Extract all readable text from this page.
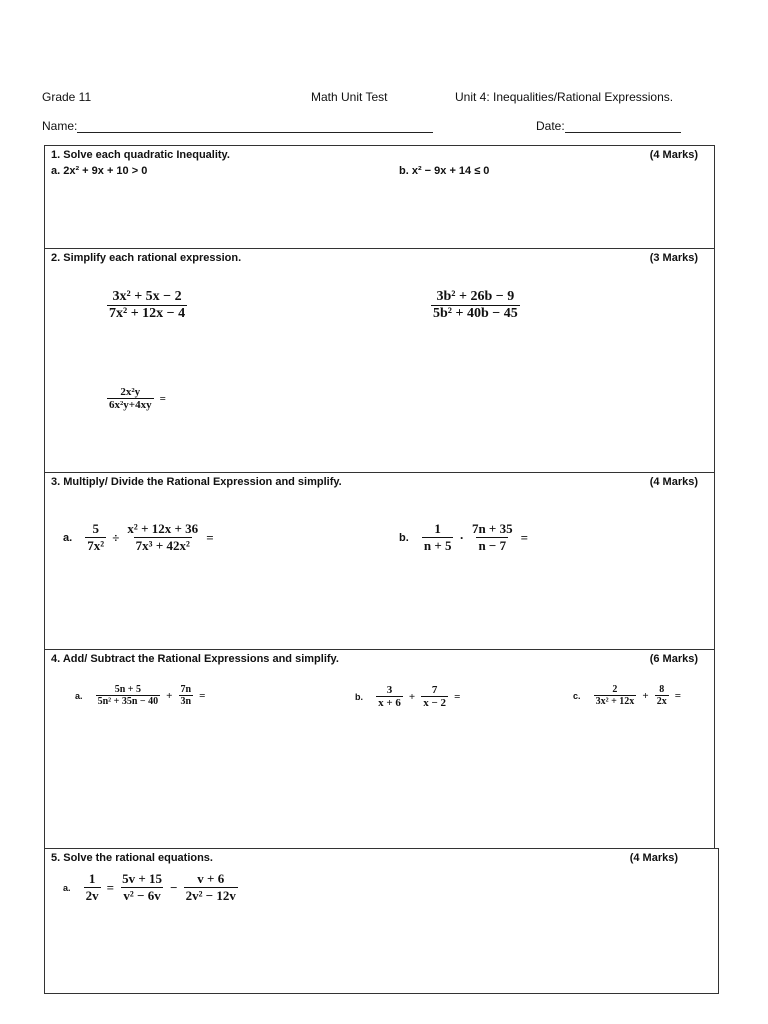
Grade 11	Math Unit Test	Unit 4: Inequalities/Rational Expressions.
Name:	Date:
1. Solve each quadratic Inequality.	(4 Marks)
a. 2x² + 9x + 10 > 0	b. x² − 9x + 14 ≤ 0
2. Simplify each rational expression.	(3 Marks)
$\frac{\text{3x² + 5x − 2}}{\text{7x² + 12x − 4}}$	$\frac{\text{3b² + 26b − 9}}{\text{5b² + 40b − 45}}$
$\frac{\text{2x²y}}{\text{6x²y+4xy}}$ =
3. Multiply/ Divide the Rational Expression and simplify.	(4 Marks)
a. $\frac{5}{\text{7x²}} \div \frac{\text{x² + 12x + 36}}{\text{7x³ + 42x²}}$ =	b. $\frac{1}{n + 5} \cdot \frac{7n + 35}{n - 7}$ =
4. Add/ Subtract the Rational Expressions and simplify.	(6 Marks)
a. $\frac{5n + 5}{\text{5n² + 35n − 40}} + \frac{7n}{3n}$ =	b. $\frac{3}{x + 6} + \frac{7}{x - 2}$ =	c. $\frac{2}{\text{3x² + 12x}} + \frac{8}{2x}$ =
5. Solve the rational equations.	(4 Marks)
a. $\frac{1}{2v} = \frac{5v + 15}{\text{v² − 6v}} - \frac{v + 6}{\text{2v² − 12v}}$
